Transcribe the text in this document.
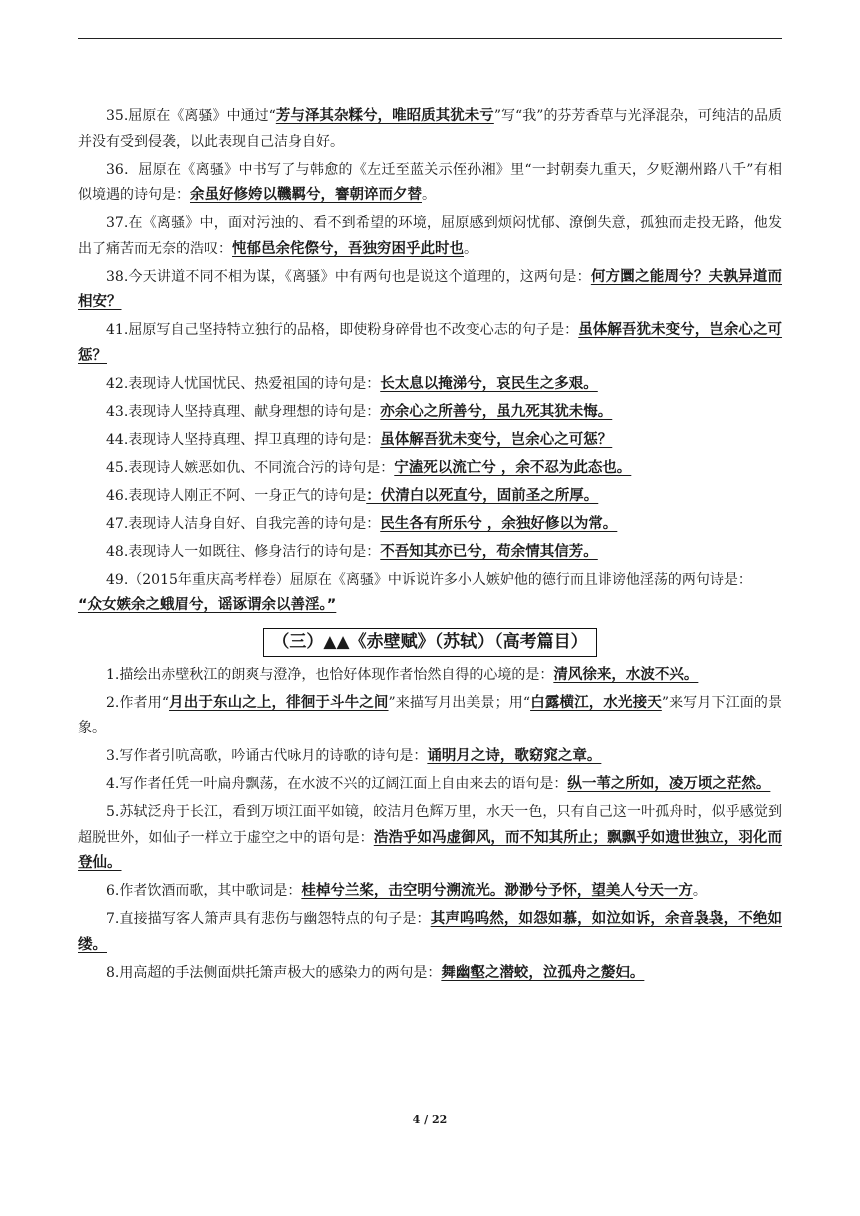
35.屈原在《离骚》中通过“芳与泽其杂糅兮，唯昭质其犹未亏”写“我”的芬芳香草与光泽混杂，可纯洁的品质并没有受到侵袭，以此表现自己洁身自好。

36．屈原在《离骚》中书写了与韩愈的《左迁至蓝关示侄孙湘》里“一封朝奏九重天，夕贬潮州路八千”有相似境遇的诗句是：余虽好修姱以鞿羁兮，謇朝谇而夕替。

37.在《离骚》中，面对污浊的、看不到希望的环境，屈原感到烦闷忧郁、潦倒失意，孤独而走投无路，他发出了痛苦而无奈的浩叹：忳郁邑余侘傺兮，吾独穷困乎此时也。

38.今天讲道不同不相为谋，《离骚》中有两句也是说这个道理的，这两句是：何方圜之能周兮？夫孰异道而相安？

41.屈原写自己坚持特立独行的品格，即使粉身碎骨也不改变心志的句子是：虽体解吾犹未变兮，岂余心之可惩？

42.表现诗人忧国忧民、热爱祖国的诗句是：长太息以掩涕兮，哀民生之多艰。

43.表现诗人坚持真理、献身理想的诗句是：亦余心之所善兮，虽九死其犹未悔。

44.表现诗人坚持真理、捍卫真理的诗句是：虽体解吾犹未变兮，岂余心之可惩？

45.表现诗人嫉恶如仇、不同流合污的诗句是：宁溘死以流亡兮 ，余不忍为此态也。

46.表现诗人刚正不阿、一身正气的诗句是：伏清白以死直兮，固前圣之所厚。

47.表现诗人洁身自好、自我完善的诗句是：民生各有所乐兮 ，余独好修以为常。

48.表现诗人一如既往、修身洁行的诗句是：不吾知其亦已兮，苟余情其信芳。

49.（2015年重庆高考样卷）屈原在《离骚》中诉说许多小人嫉妒他的德行而且诽谤他淫荡的两句诗是：
“众女嫉余之蛾眉兮，谣诼谓余以善淫。”

（三）▲▲《赤壁赋》（苏轼）（高考篇目）

1.描绘出赤壁秋江的朗爽与澄净，也恰好体现作者怡然自得的心境的是：清风徐来，水波不兴。

2.作者用“月出于东山之上，徘徊于斗牛之间”来描写月出美景；用“白露横江，水光接天”来写月下江面的景象。

3.写作者引吭高歌，吟诵古代咏月的诗歌的诗句是：诵明月之诗，歌窈窕之章。

4.写作者任凭一叶扁舟飘荡，在水波不兴的辽阔江面上自由来去的语句是：纵一苇之所如，凌万顷之茫然。

5.苏轼泛舟于长江，看到万顷江面平如镜，皎洁月色辉万里，水天一色，只有自己这一叶孤舟时，似乎感觉到超脱世外，如仙子一样立于虚空之中的语句是：浩浩乎如冯虚御风，而不知其所止；飘飘乎如遗世独立，羽化而登仙。

6.作者饮酒而歌，其中歌词是：桂棹兮兰桨，击空明兮溯流光。渺渺兮予怀，望美人兮天一方。

7.直接描写客人箫声具有悲伤与幽怨特点的句子是：其声呜呜然，如怨如慕，如泣如诉，余音袅袅，不绝如缕。

8.用高超的手法侧面烘托箫声极大的感染力的两句是：舞幽壑之潜蛟，泣孤舟之嫠妇。

4 / 22
